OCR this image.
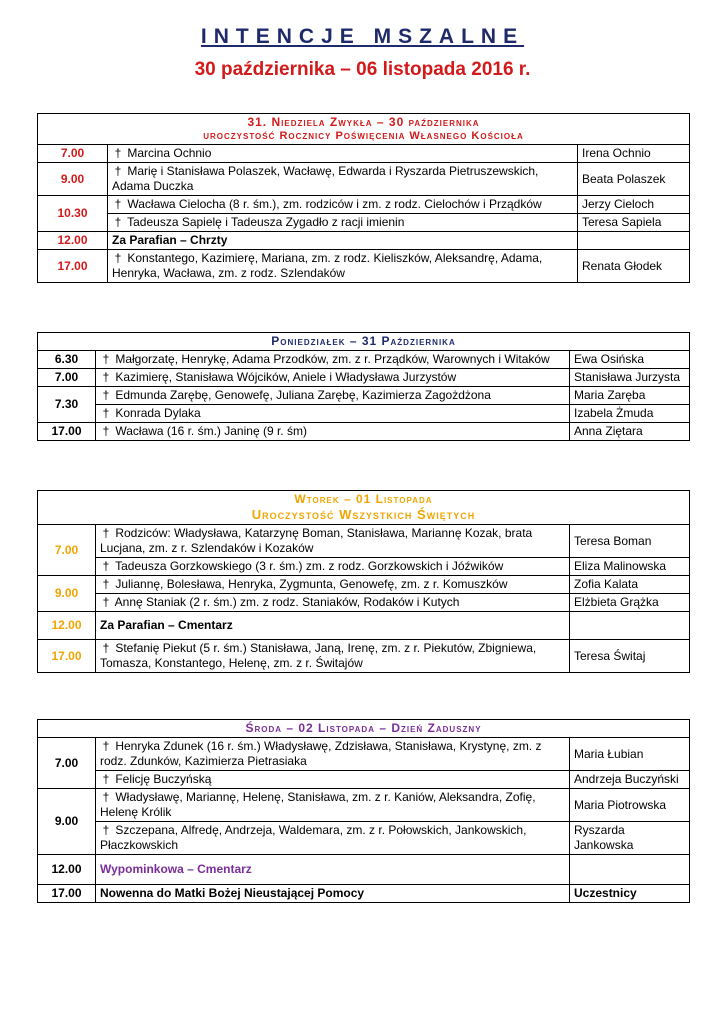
INTENCJE MSZALNE
30 października – 06 listopada 2016 r.
31. Niedziela Zwykła – 30 października
uroczystość Rocznicy Poświęcenia Własnego Kościoła		

7.00	† Marcina Ochnio	Irena Ochnio
9.00	† Marię i Stanisława Polaszek, Wacławę, Edwarda i Ryszarda Pietruszewskich, Adama Duczka	Beata Polaszek
10.30	† Wacława Cielocha (8 r. śm.), zm. rodziców i zm. z rodz. Cielochów i Prządków	Jerzy Cieloch
	† Tadeusza Sapielę i Tadeusza Zygadło z racji imienin	Teresa Sapiela
12.00	Za Parafian – Chrzty	
17.00	† Konstantego, Kazimierę, Mariana, zm. z rodz. Kieliszków, Aleksandrę, Adama, Henryka, Wacława, zm. z rodz. Szlendaków	Renata Głodek
Poniedziałek – 31 Października		
6.30	† Małgorzatę, Henrykę, Adama Przodków, zm. z r. Prządków, Warownych i Witaków	Ewa Osińska
7.00	† Kazimierę, Stanisława Wójcików, Aniele i Władysława Jurzystów	Stanisława Jurzysta
7.30	† Edmunda Zarębę, Genowefę, Juliana Zarębę, Kazimierza Zagożdżona	Maria Zaręba
	† Konrada Dylaka	Izabela Żmuda
17.00	† Wacława (16 r. śm.) Janinę (9 r. śm)	Anna Ziętara
Wtorek – 01 Listopada
Uroczystość Wszystkich Świętych		

7.00	† Rodziców: Władysława, Katarzynę Boman, Stanisława, Mariannę Kozak, brata Lucjana, zm. z r. Szlendaków i Kozaków	Teresa Boman
	† Tadeusza Gorzkowskiego (3 r. śm.) zm. z rodz. Gorzkowskich i Jóźwików	Eliza Malinowska
9.00	† Juliannę, Bolesława, Henryka, Zygmunta, Genowefę, zm. z r. Komuszków	Zofia Kalata
	† Annę Staniak (2 r. śm.) zm. z rodz. Staniaków, Rodaków i Kutych	Elżbieta Grążka
12.00	Za Parafian – Cmentarz	
17.00	† Stefanię Piekut (5 r. śm.) Stanisława, Janą, Irenę, zm. z r. Piekutów, Zbigniewa, Tomasza, Konstantego, Helenę, zm. z r. Świtajów	Teresa Świtaj
Środa – 02 Listopada – Dzień Zaduszny		
7.00	† Henryka Zdunek (16 r. śm.) Władysławę, Zdzisława, Stanisława, Krystynę, zm. z rodz. Zdunków, Kazimierza Pietrasiaka	Maria Łubian
	† Felicję Buczyńską	Andrzeja Buczyński
9.00	† Władysławę, Mariannę, Helenę, Stanisława, zm. z r. Kaniów, Aleksandra, Zofię, Helenę Królik	Maria Piotrowska
	† Szczepana, Alfredę, Andrzeja, Waldemara, zm. z r. Połowskich, Jankowskich, Płaczkowskich	Ryszarda Jankowska
12.00	Wypominkowa – Cmentarz	
17.00	Nowenna do Matki Bożej Nieustającej Pomocy	Uczestnicy
